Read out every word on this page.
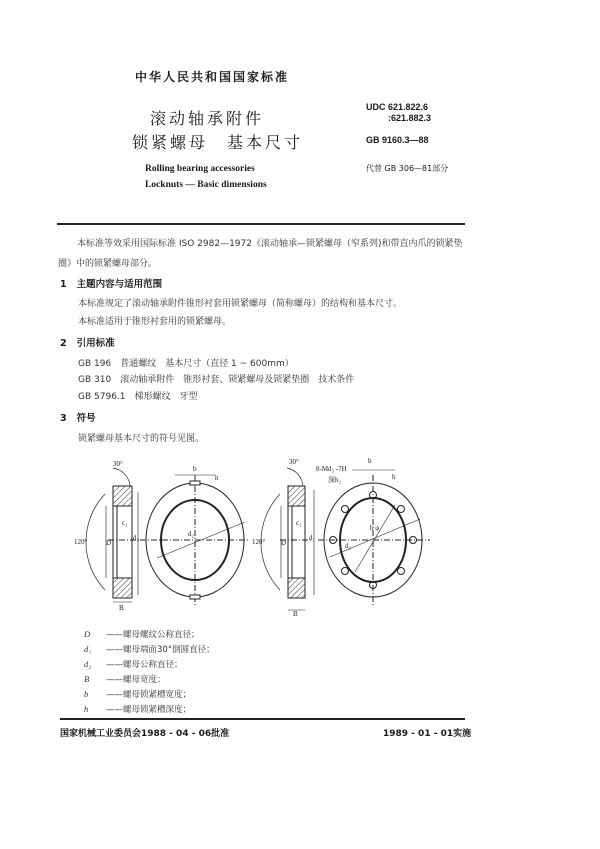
中华人民共和国国家标准
滚动轴承附件
锁紧螺母　基本尺寸
Rolling bearing accessories
Locknuts — Basic dimensions
UDC 621.822.6
:621.882.3
GB 9160.3—88
代替 GB 306—81部分
本标准等效采用国际标准 ISO 2982—1972《滚动轴承—锁紧螺母（窄系列)和带直内爪的锁紧垫
圈》中的锁紧螺母部分。
1 主题内容与适用范围
本标准规定了滚动轴承附件锥形衬套用锁紧螺母（简称螺母）的结构和基本尺寸。
本标准适用于锥形衬套用的锁紧螺母。
2 引用标准
GB 196　普通螺纹　基本尺寸（直径 1 ~ 600mm）
GB 310　滚动轴承附件　锥形衬套、锁紧螺母及锁紧垫圈　技术条件
GB 5796.1　梯形螺纹　牙型
3 符号
锁紧螺母基本尺寸的符号见图。
30°
120°	D
c₁
d₁
B
b
h
d₂
30°
120° D
c₁
d₁
B
8-Md₃ -7H
深h₂
b
h
b φ
d₂
D ——螺母螺纹公称直径；
d₁ ——螺母端面30°倒圆直径；
d₂ ——螺母公称直径；
B ——螺母宽度；
b ——螺母锁紧槽宽度；
h ——螺母锁紧槽深度；
国家机械工业委员会1988 - 04 - 06批准	1989 - 01 - 01实施
